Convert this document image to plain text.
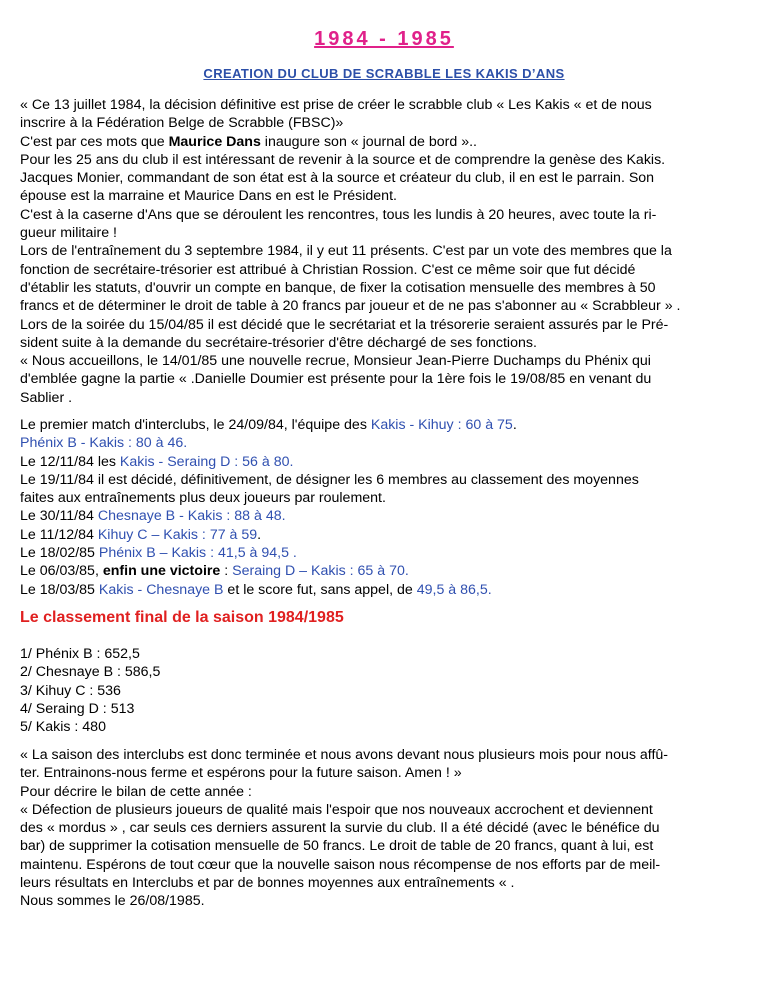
1984 - 1985
CREATION DU CLUB DE SCRABBLE LES KAKIS D’ANS
« Ce 13 juillet 1984, la décision définitive est prise de créer le scrabble club « Les Kakis « et de nous
inscrire à la Fédération Belge de Scrabble (FBSC)»
C'est par ces mots que Maurice Dans inaugure son « journal de bord »..
Pour les 25 ans du club il est intéressant de revenir à la source et de comprendre la genèse des Kakis.
Jacques Monier, commandant de son état est à la source et créateur du club, il en est le parrain. Son
épouse est la marraine et Maurice Dans en est le Président.
C'est à la caserne d'Ans que se déroulent les rencontres, tous les lundis à 20 heures, avec toute la ri-
gueur militaire !
Lors de l'entraînement du 3 septembre 1984, il y eut 11 présents. C'est par un vote des membres que la
fonction de secrétaire-trésorier est attribué à Christian Rossion. C'est ce même soir que fut décidé
d'établir les statuts, d'ouvrir un compte en banque, de fixer la cotisation mensuelle des membres à 50
francs et de déterminer le droit de table à 20 francs par joueur et de ne pas s'abonner au « Scrabbleur » .
Lors de la soirée du 15/04/85 il est décidé que le secrétariat et la trésorerie seraient assurés par le Pré-
sident suite à la demande du secrétaire-trésorier d'être déchargé de ses fonctions.
« Nous accueillons, le 14/01/85 une nouvelle recrue, Monsieur Jean-Pierre Duchamps du Phénix qui
d'emblée gagne la partie « .Danielle Doumier est présente pour la 1ère fois le 19/08/85 en venant du
Sablier .
Le premier match d'interclubs, le 24/09/84, l'équipe des Kakis - Kihuy : 60 à 75.
Phénix B - Kakis : 80 à 46.
Le 12/11/84 les Kakis - Seraing D : 56 à 80.
Le 19/11/84 il est décidé, définitivement, de désigner les 6 membres au classement des moyennes
faites aux entraînements plus deux joueurs par roulement.
Le 30/11/84 Chesnaye B - Kakis : 88 à 48.
Le 11/12/84 Kihuy C – Kakis : 77 à 59.
Le 18/02/85 Phénix B – Kakis : 41,5 à 94,5 .
Le 06/03/85, enfin une victoire : Seraing D – Kakis : 65 à 70.
Le 18/03/85 Kakis - Chesnaye B et le score fut, sans appel, de 49,5 à 86,5.
Le classement final de la saison 1984/1985
1/ Phénix B : 652,5
2/ Chesnaye B : 586,5
3/ Kihuy C : 536
4/ Seraing D : 513
5/ Kakis : 480
« La saison des interclubs est donc terminée et nous avons devant nous plusieurs mois pour nous affû-
ter. Entrainons-nous ferme et espérons pour la future saison. Amen ! »
Pour décrire le bilan de cette année :
« Défection de plusieurs joueurs de qualité mais l'espoir que nos nouveaux accrochent et deviennent
des « mordus » , car seuls ces derniers assurent la survie du club. Il a été décidé (avec le bénéfice du
bar) de supprimer la cotisation mensuelle de 50 francs. Le droit de table de 20 francs, quant à lui, est
maintenu. Espérons de tout cœur que la nouvelle saison nous récompense de nos efforts par de meil-
leurs résultats en Interclubs et par de bonnes moyennes aux entraînements « .
Nous sommes le 26/08/1985.
